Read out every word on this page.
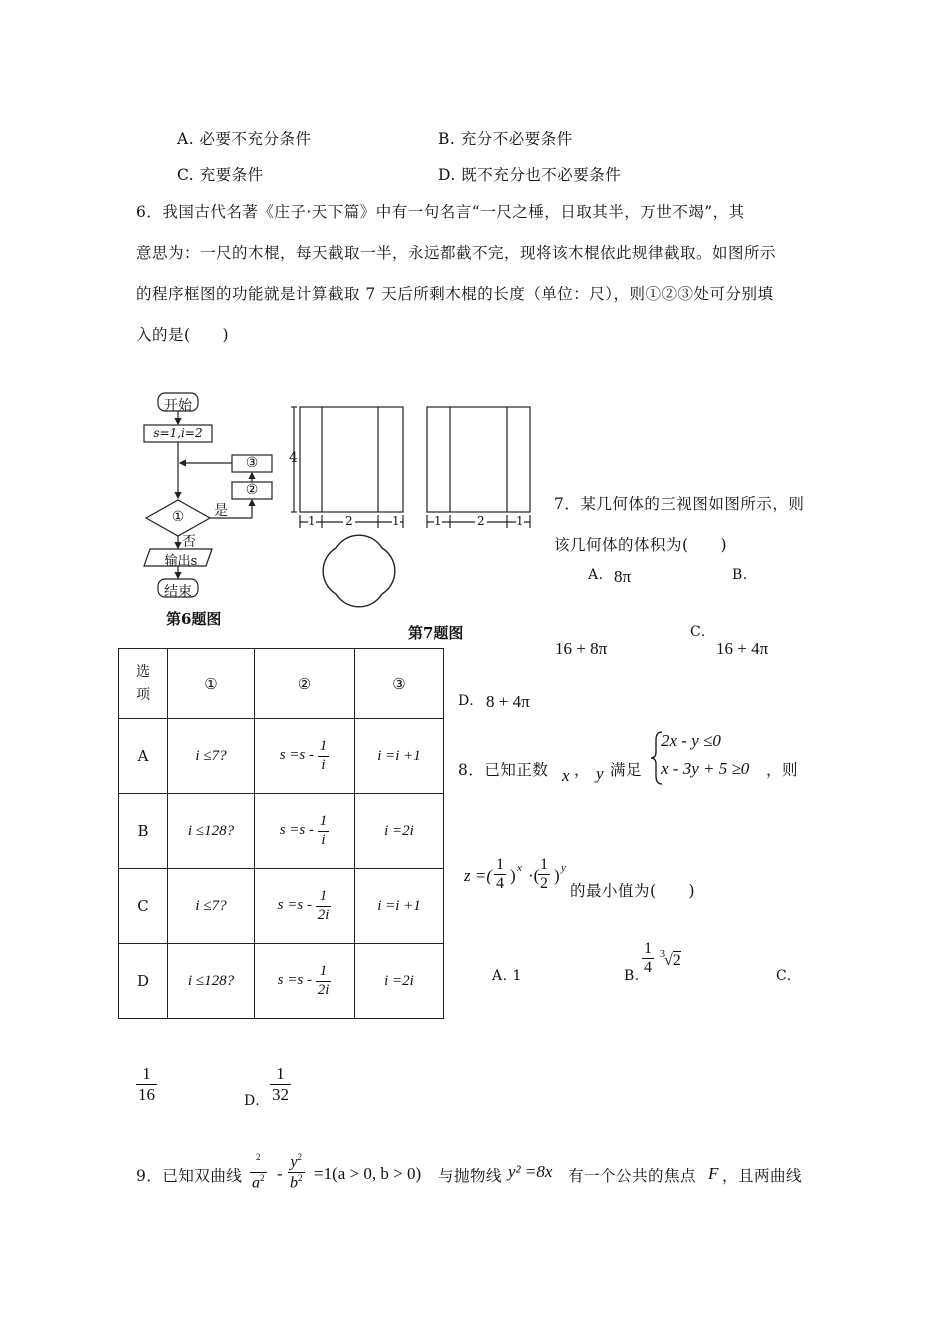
A. 必要不充分条件	B. 充分不必要条件
C. 充要条件	D. 既不充分也不必要条件
6．我国古代名著《庄子·天下篇》中有一句名言“一尺之棰，日取其半，万世不竭”，其
意思为：一尺的木棍，每天截取一半，永远都截不完，现将该木棍依此规律截取。如图所示
的程序框图的功能就是计算截取 7 天后所剩木棍的长度（单位：尺），则①②③处可分别填
入的是(　　)
开始
s=1,i=2
③
②
①	是
否
输出s
结束
第6题图
4
1 2	1	1	2	1
第7题图
选
项	①	②	③
A	i ≤7?	$s =s - \frac{1}{i}$	i =i +1
B	i ≤128?	$s =s - \frac{1}{i}$	i =2i
C	i ≤7?	$s =s - \frac{1}{2i}$	i =i +1
D	i ≤128?	$s =s - \frac{1}{2i}$	i =2i
7．某几何体的三视图如图所示，则
该几何体的体积为(　　)
A. 8π	B.
16 + 8π
C.
16 + 4π
D. 8 + 4π
8．已知正数 x ， y 满足
2x - y ≤0
x - 3y + 5 ≥0 ，则
z =( $\frac{1}{4}$ ) x ·(
$\frac{1}{2}$ ) y
的最小值为(　　)
A. 1	B. $\frac{1}{4} 3$ √2
C.
$\frac{1}{16}$	D. $\frac{1}{32}$
9．已知双曲线 $\frac{^2}{a^2} - \frac{y^2}{b^2} =1(a > 0$, b > 0) 与抛物线 y² =8x 有一个公共的焦点 F ，且两曲线
